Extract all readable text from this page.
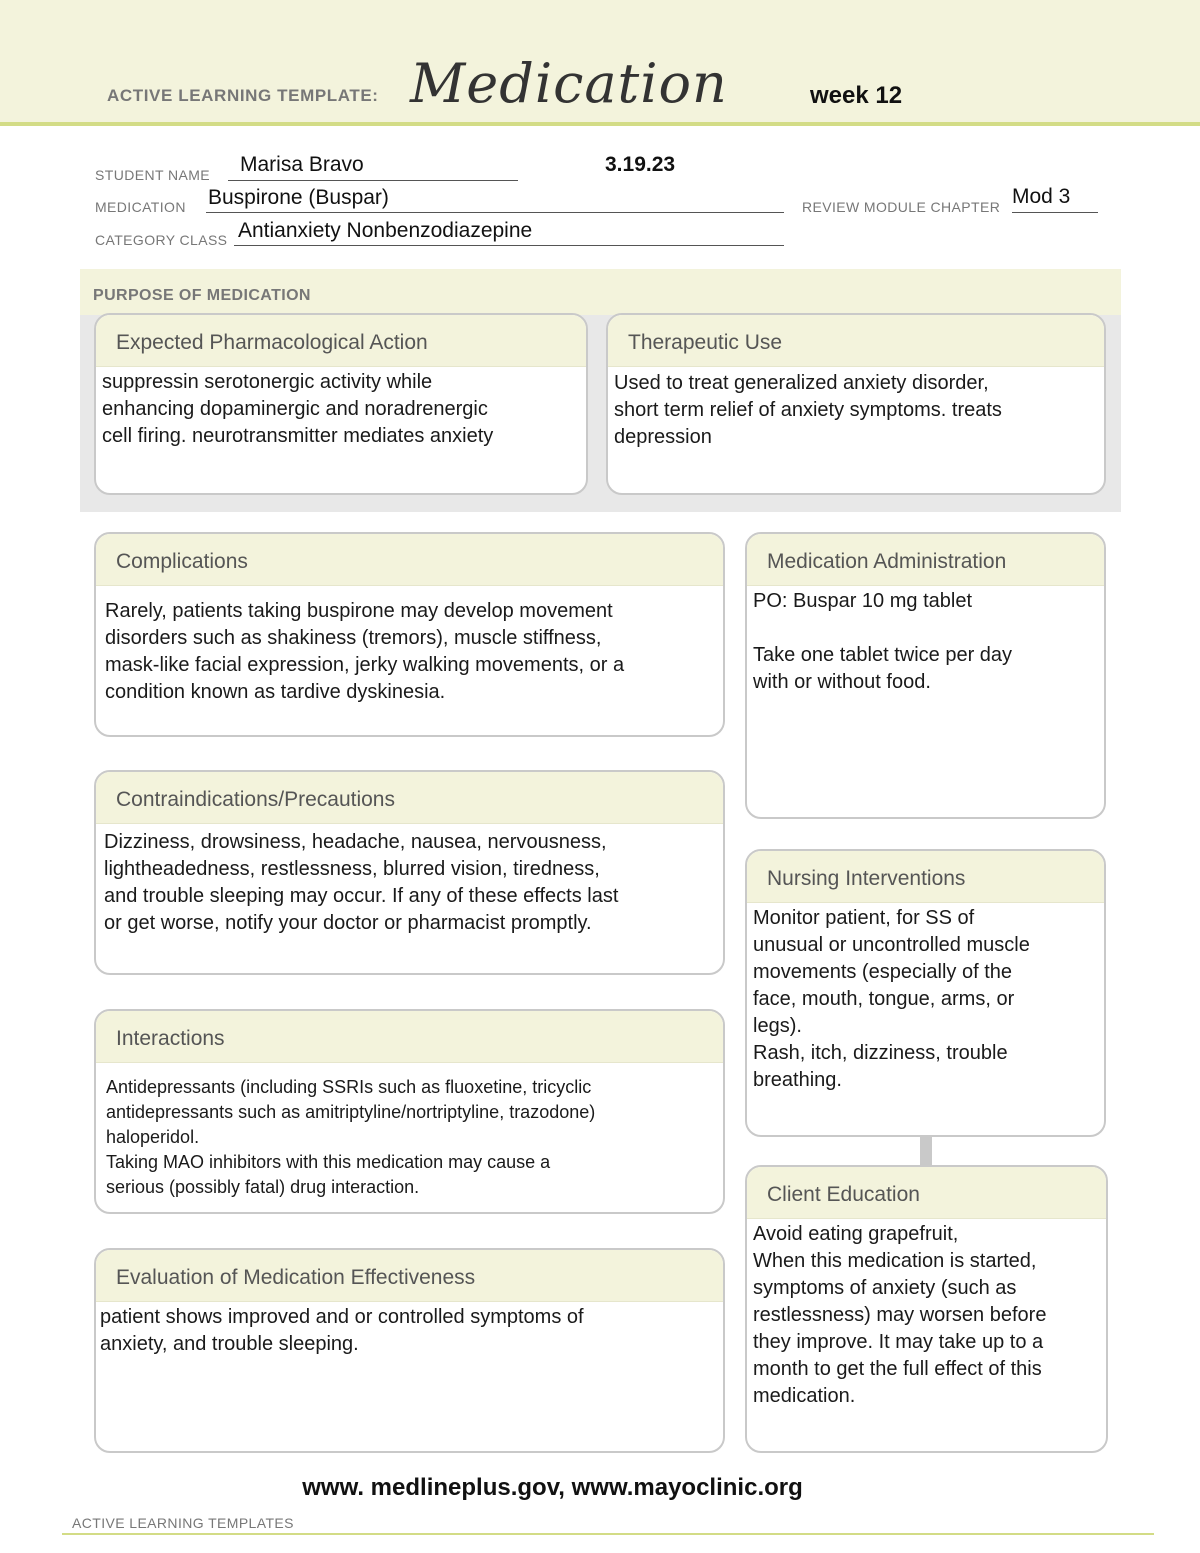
ACTIVE LEARNING TEMPLATE: Medication	week 12
STUDENT NAME Marisa Bravo	3.19.23
MEDICATION Buspirone (Buspar)	REVIEW MODULE CHAPTER Mod 3
CATEGORY CLASS Antianxiety Nonbenzodiazepine
PURPOSE OF MEDICATION
Expected Pharmacological Action
suppressin serotonergic activity while
enhancing dopaminergic and noradrenergic
cell firing. neurotransmitter mediates anxiety
Therapeutic Use
Used to treat generalized anxiety disorder,
short term relief of anxiety symptoms. treats
depression
Complications
Rarely, patients taking buspirone may develop movement
disorders such as shakiness (tremors), muscle stiffness,
mask-like facial expression, jerky walking movements, or a
condition known as tardive dyskinesia.
Contraindications/Precautions
Dizziness, drowsiness, headache, nausea, nervousness,
lightheadedness, restlessness, blurred vision, tiredness,
and trouble sleeping may occur. If any of these effects last
or get worse, notify your doctor or pharmacist promptly.
Interactions
Antidepressants (including SSRIs such as fluoxetine, tricyclic
antidepressants such as amitriptyline/nortriptyline, trazodone)
haloperidol.
Taking MAO inhibitors with this medication may cause a
serious (possibly fatal) drug interaction.
Evaluation of Medication Effectiveness
patient shows improved and or controlled symptoms of
anxiety, and trouble sleeping.
Medication Administration
PO: Buspar 10 mg tablet

Take one tablet twice per day
with or without food.
Nursing Interventions
Monitor patient, for SS of
unusual or uncontrolled muscle
movements (especially of the
face, mouth, tongue, arms, or
legs).
Rash, itch, dizziness, trouble
breathing.
Client Education
Avoid eating grapefruit,
When this medication is started,
symptoms of anxiety (such as
restlessness) may worsen before
they improve. It may take up to a
month to get the full effect of this
medication.
www. medlineplus.gov, www.mayoclinic.org
ACTIVE LEARNING TEMPLATES
